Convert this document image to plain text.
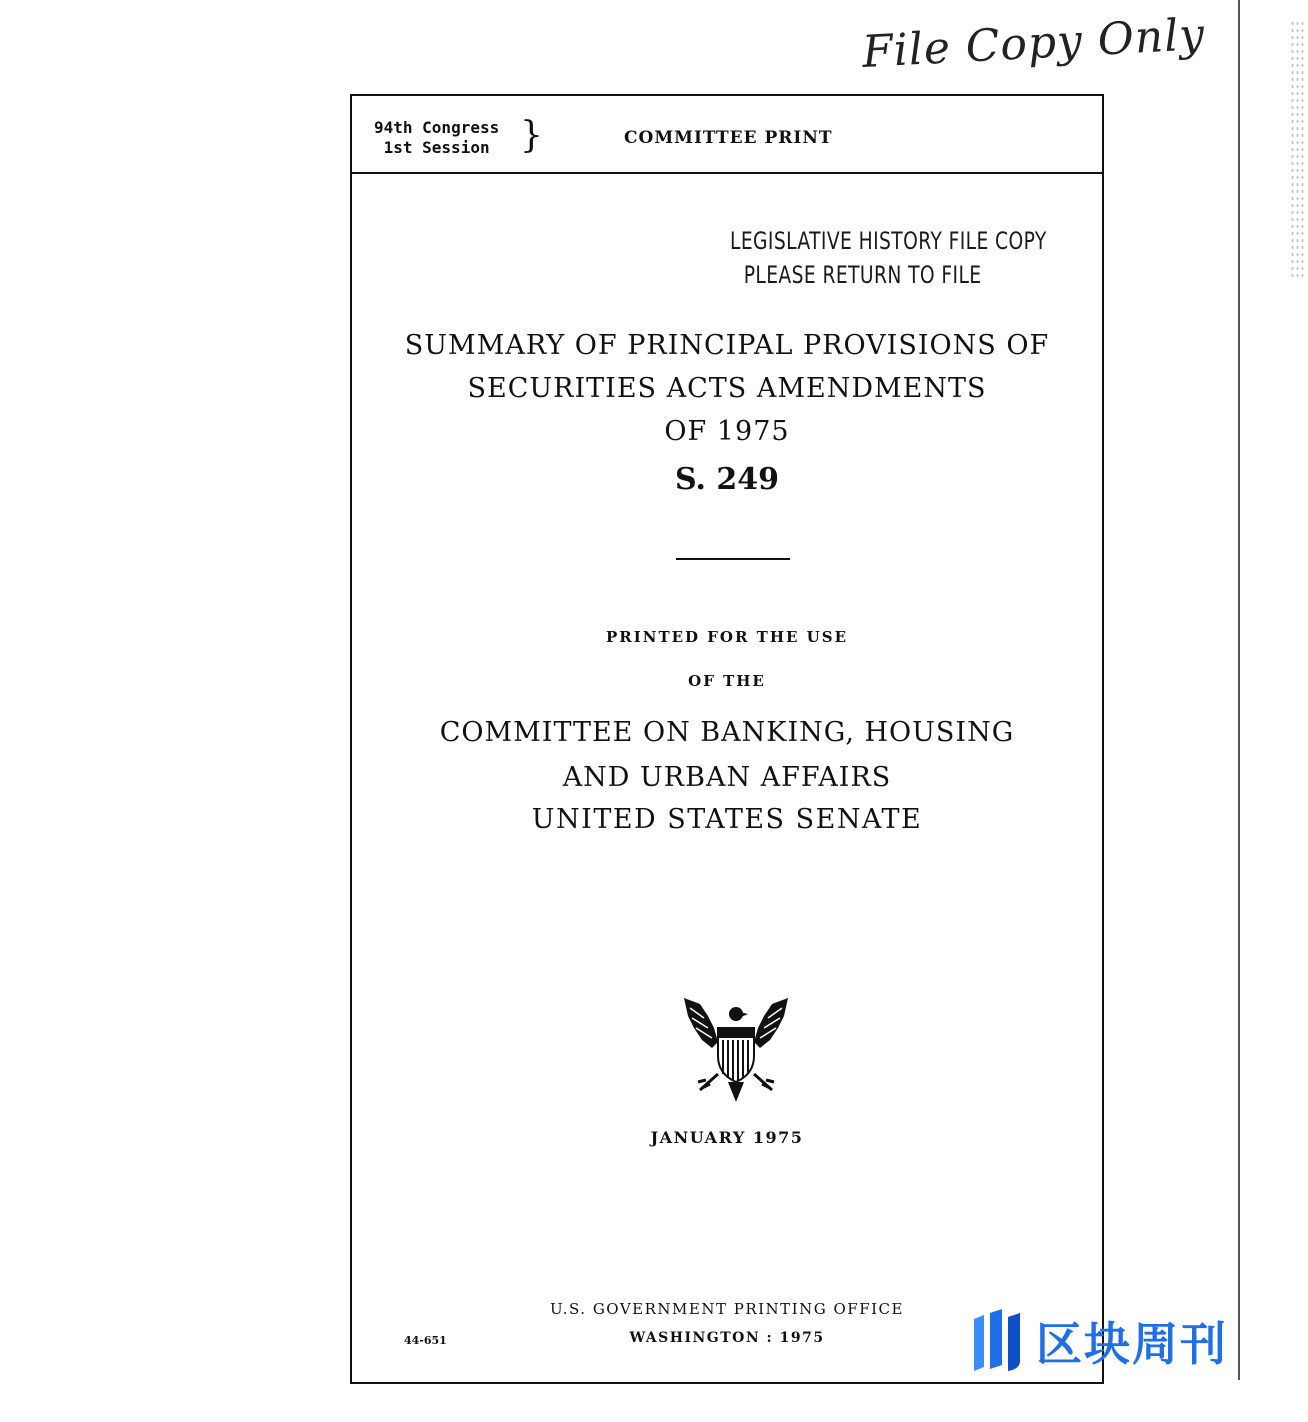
File Copy Only
94th Congress
1st Session }	COMMITTEE PRINT
LEGISLATIVE HISTORY FILE COPY
PLEASE RETURN TO FILE
SUMMARY OF PRINCIPAL PROVISIONS OF
SECURITIES ACTS AMENDMENTS
OF 1975
S. 249
PRINTED FOR THE USE
OF THE
COMMITTEE ON BANKING, HOUSING
AND URBAN AFFAIRS
UNITED STATES SENATE
JANUARY 1975
U.S. GOVERNMENT PRINTING OFFICE
WASHINGTON : 1975
44-651	区块周刊
